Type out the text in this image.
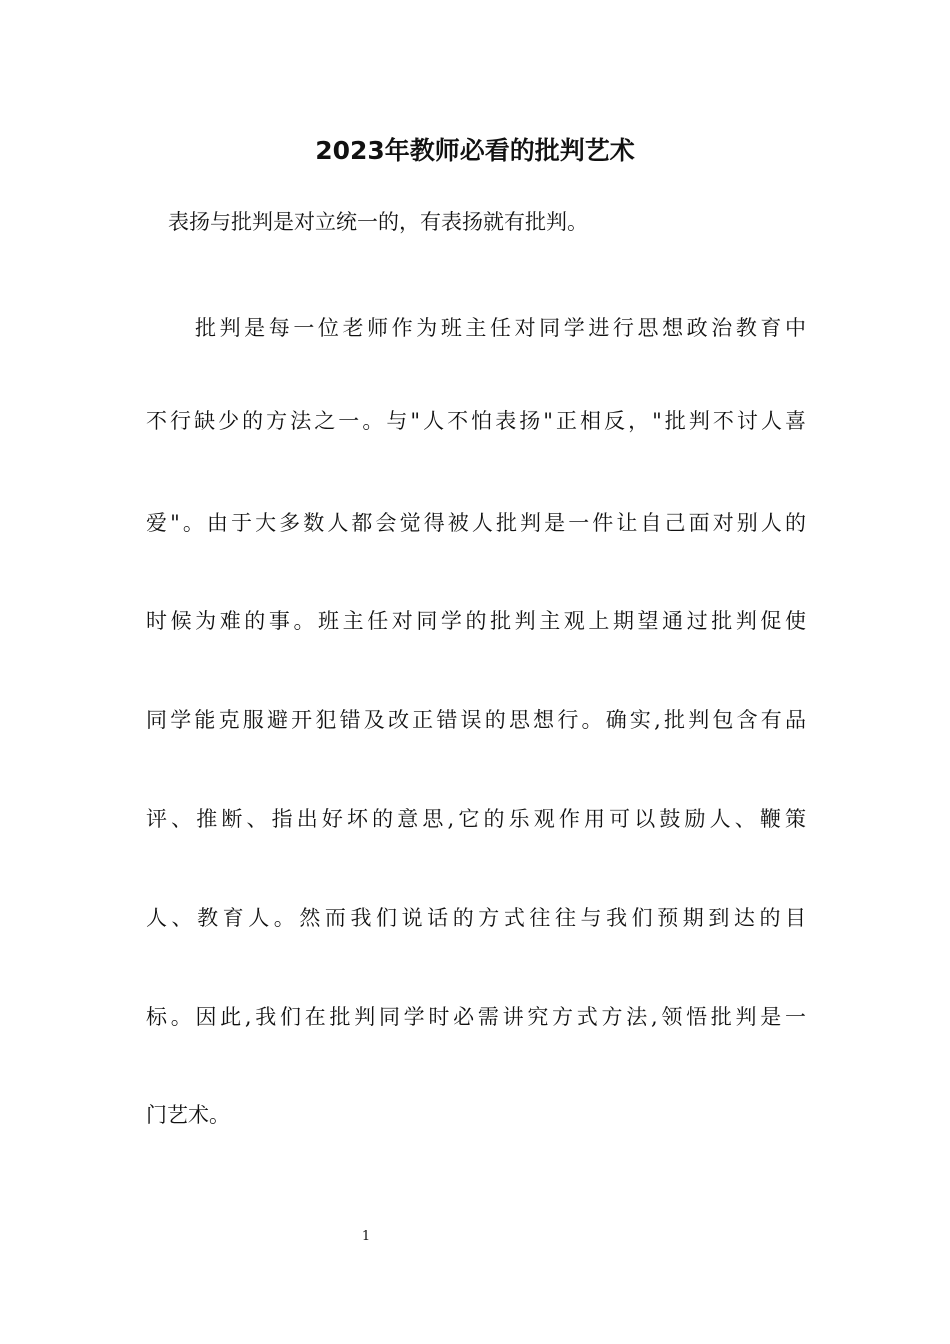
2023年教师必看的批判艺术

表扬与批判是对立统一的，有表扬就有批判。

批判是每一位老师作为班主任对同学进行思想政治教育中

不行缺少的方法之一。与"人不怕表扬"正相反，"批判不讨人喜

爱"。由于大多数人都会觉得被人批判是一件让自己面对别人的

时候为难的事。班主任对同学的批判主观上期望通过批判促使

同学能克服避开犯错及改正错误的思想行。确实,批判包含有品

评、推断、指出好坏的意思,它的乐观作用可以鼓励人、鞭策

人、教育人。然而我们说话的方式往往与我们预期到达的目

标。因此,我们在批判同学时必需讲究方式方法,领悟批判是一

门艺术。

1
